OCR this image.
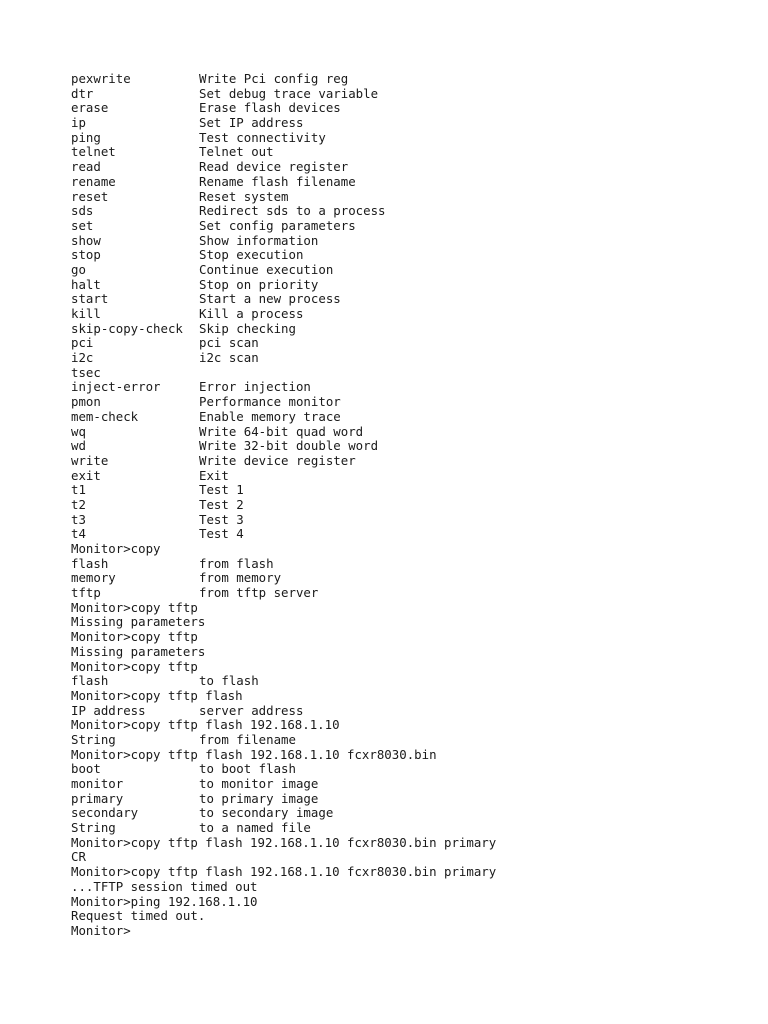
pexwrite	Write Pci config reg
dtr	Set debug trace variable
erase	Erase flash devices
ip	Set IP address
ping	Test connectivity
telnet	Telnet out
read	Read device register
rename	Rename flash filename
reset	Reset system
sds	Redirect sds to a process
set	Set config parameters
show	Show information
stop	Stop execution
go	Continue execution
halt	Stop on priority
start	Start a new process
kill	Kill a process
skip-copy-check Skip checking
pci	pci scan
i2c	i2c scan
tsec
inject-error	Error injection
pmon	Performance monitor
mem-check	Enable memory trace
wq	Write 64-bit quad word
wd	Write 32-bit double word
write	Write device register
exit	Exit
t1	Test 1
t2	Test 2
t3	Test 3
t4	Test 4
Monitor>copy
flash	from flash
memory	from memory
tftp	from tftp server
Monitor>copy tftp
Missing parameters
Monitor>copy tftp
Missing parameters
Monitor>copy tftp
flash	to flash
Monitor>copy tftp flash
IP address	server address
Monitor>copy tftp flash 192.168.1.10
String	from filename
Monitor>copy tftp flash 192.168.1.10 fcxr8030.bin
boot	to boot flash
monitor	to monitor image
primary	to primary image
secondary	to secondary image
String	to a named file
Monitor>copy tftp flash 192.168.1.10 fcxr8030.bin primary
CR
Monitor>copy tftp flash 192.168.1.10 fcxr8030.bin primary
...TFTP session timed out
Monitor>ping 192.168.1.10
Request timed out.
Monitor>
